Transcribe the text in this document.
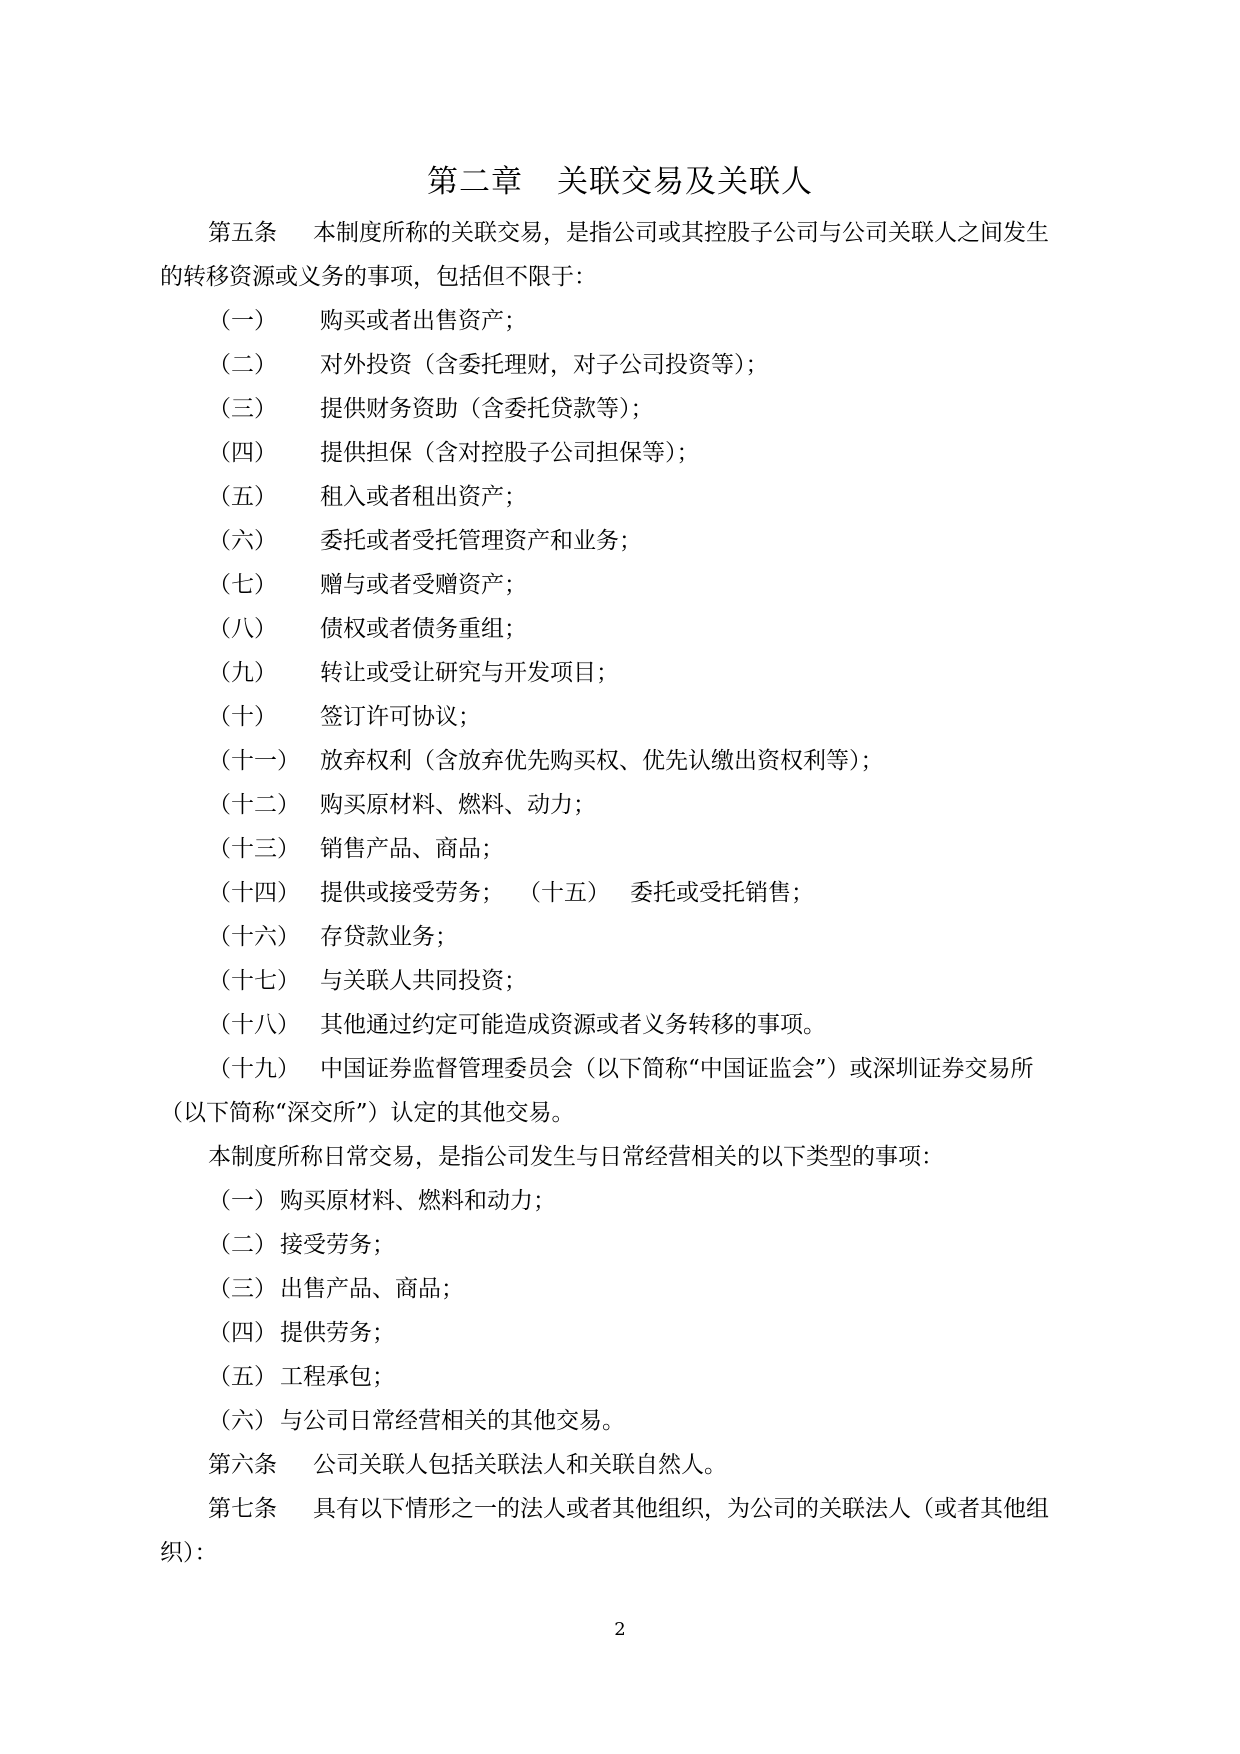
第二章 关联交易及关联人
第五条 本制度所称的关联交易，是指公司或其控股子公司与公司关联人之间发生
的转移资源或义务的事项，包括但不限于：
（一） 购买或者出售资产；
（二） 对外投资（含委托理财，对子公司投资等）；
（三） 提供财务资助（含委托贷款等）；
（四） 提供担保（含对控股子公司担保等）；
（五） 租入或者租出资产；
（六） 委托或者受托管理资产和业务；
（七） 赠与或者受赠资产；
（八） 债权或者债务重组；
（九） 转让或受让研究与开发项目；
（十） 签订许可协议；
（十一） 放弃权利（含放弃优先购买权、优先认缴出资权利等）；
（十二） 购买原材料、燃料、动力；
（十三） 销售产品、商品；
（十四） 提供或接受劳务； （十五） 委托或受托销售；
（十六） 存贷款业务；
（十七） 与关联人共同投资；
（十八） 其他通过约定可能造成资源或者义务转移的事项。
（十九） 中国证券监督管理委员会（以下简称“中国证监会”）或深圳证券交易所
（以下简称“深交所”）认定的其他交易。
本制度所称日常交易，是指公司发生与日常经营相关的以下类型的事项：
（一） 购买原材料、燃料和动力；
（二） 接受劳务；
（三） 出售产品、商品；
（四） 提供劳务；
（五） 工程承包；
（六） 与公司日常经营相关的其他交易。
第六条 公司关联人包括关联法人和关联自然人。
第七条 具有以下情形之一的法人或者其他组织，为公司的关联法人（或者其他组
织）：
2
